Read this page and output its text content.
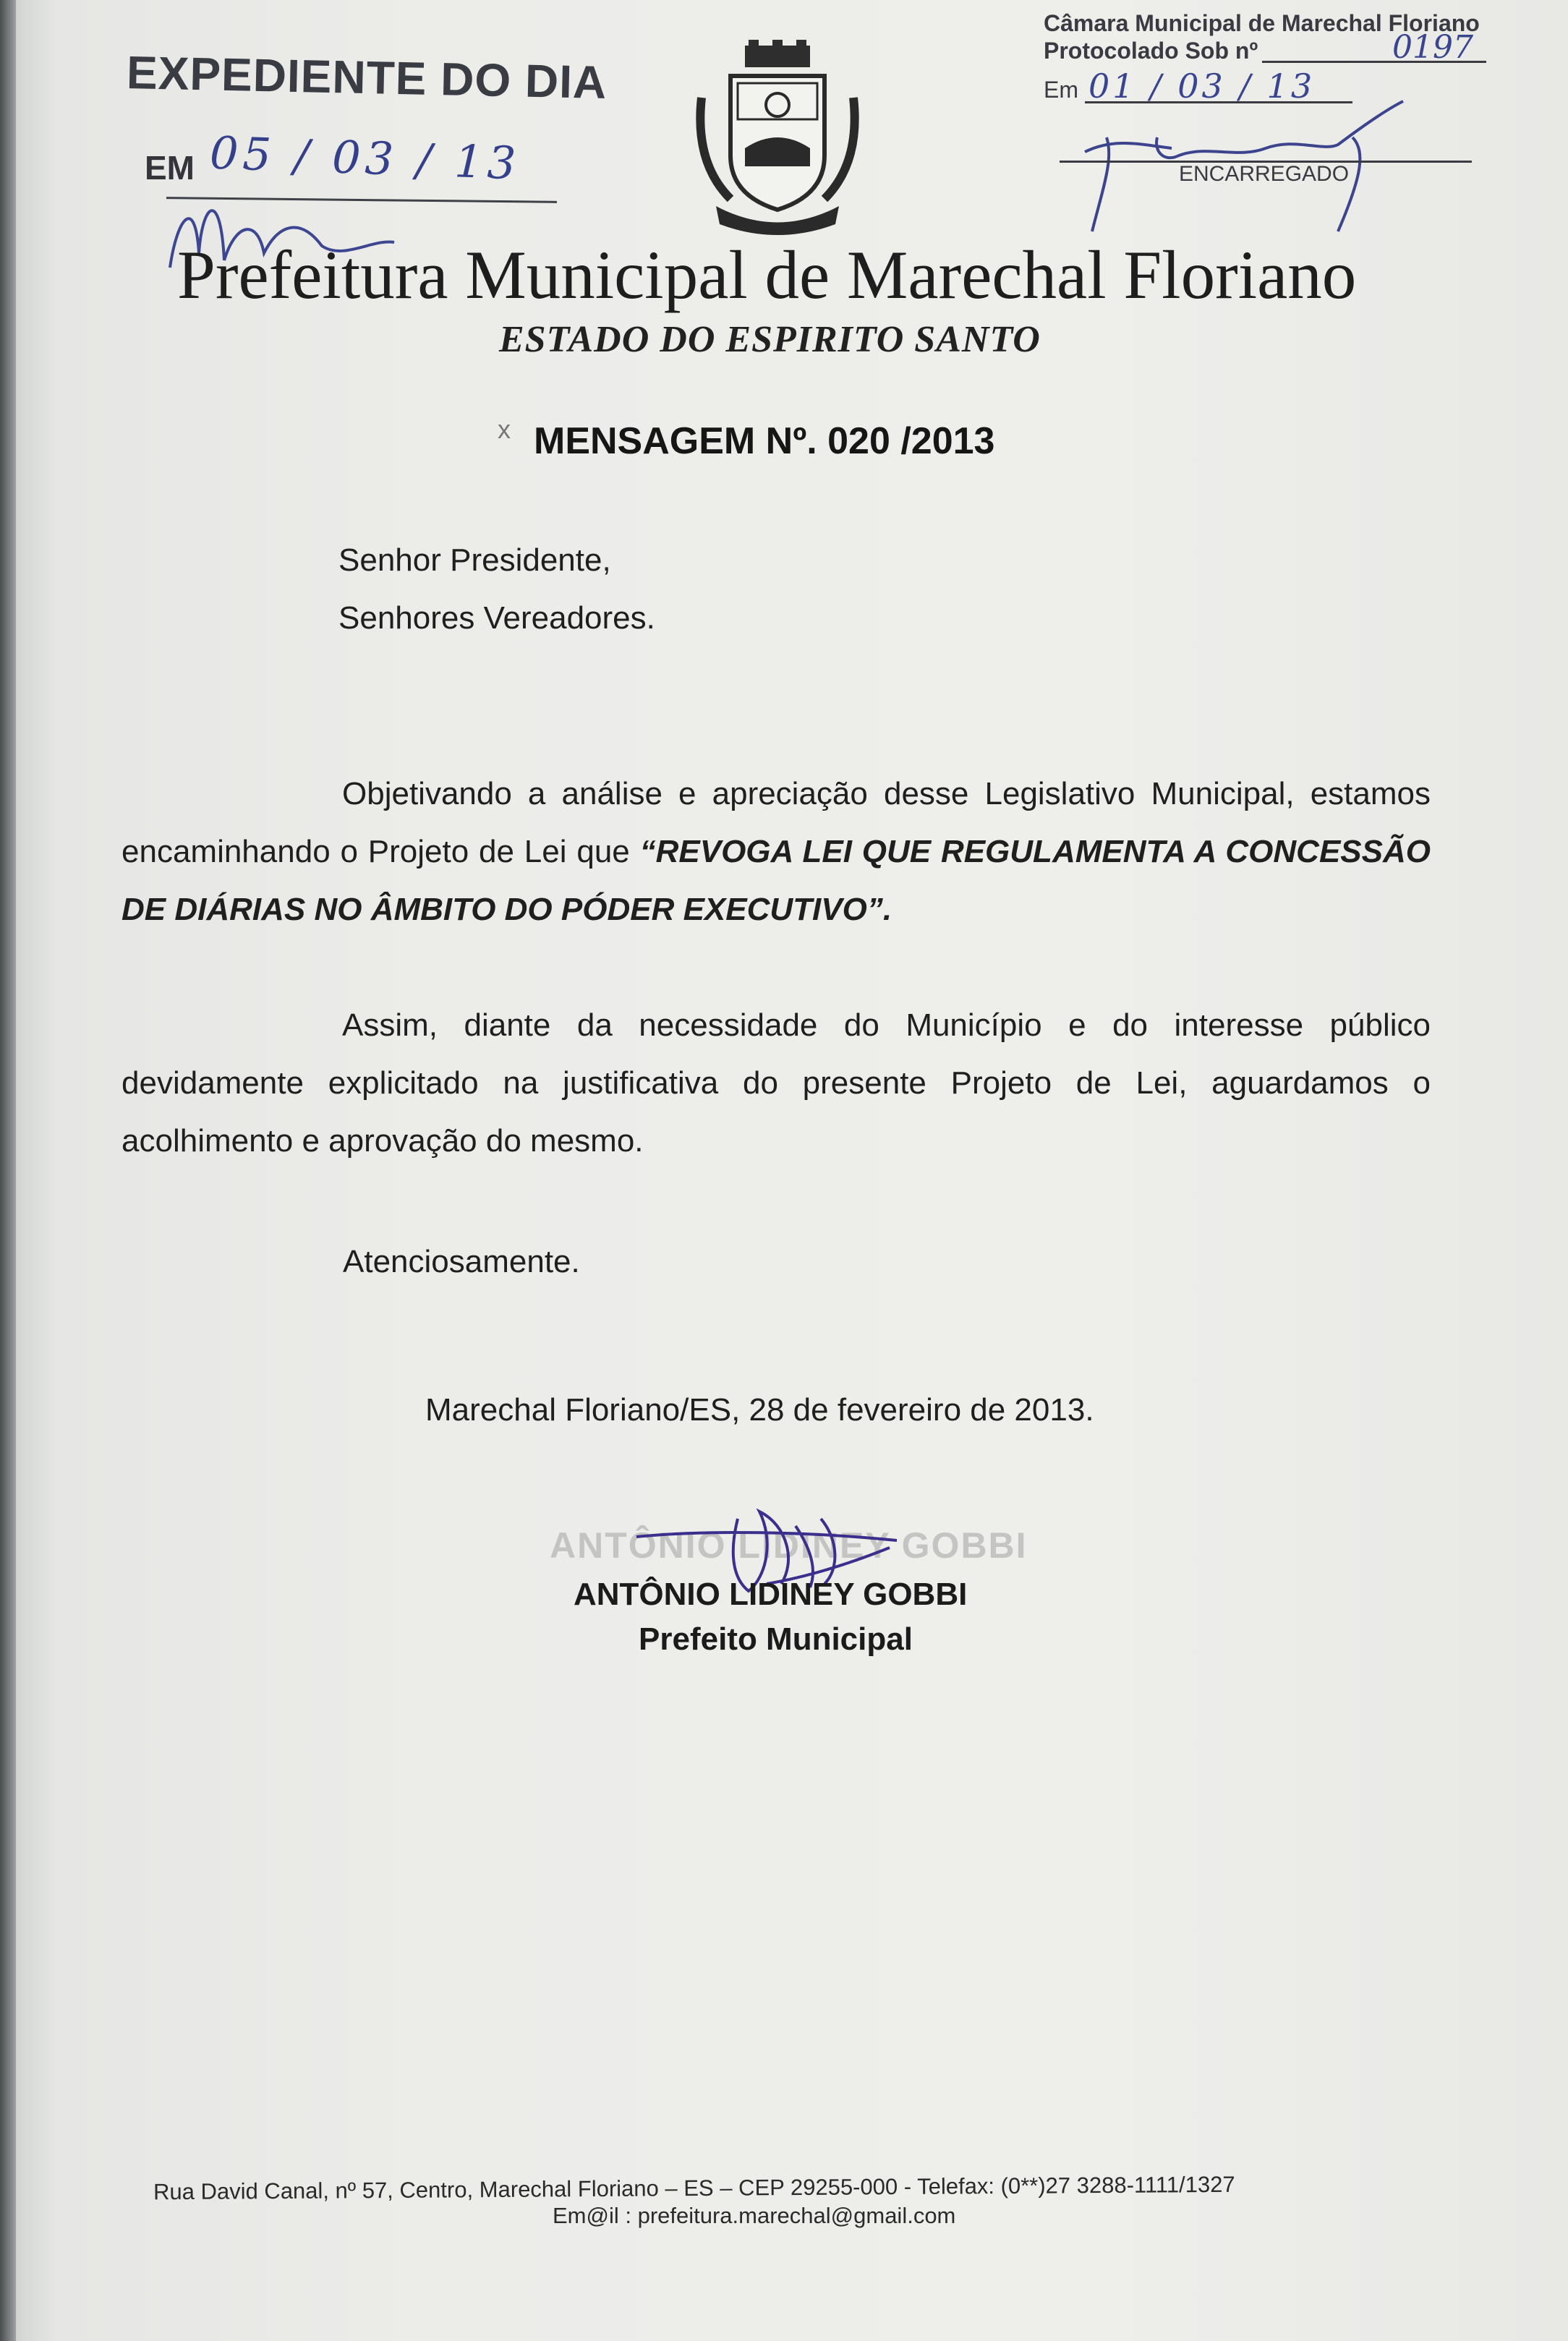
EXPEDIENTE DO DIA
EM 05 / 03 / 13
Câmara Municipal de Marechal Floriano
Protocolado Sob nº	0197
Em 01 / 03 / 13
ENCARREGADO
Prefeitura Municipal de Marechal Floriano
ESTADO DO ESPIRITO SANTO
x MENSAGEM Nº. 020 /2013
Senhor Presidente,
Senhores Vereadores.
Objetivando a análise e apreciação desse Legislativo Municipal, estamos encaminhando o Projeto de Lei que “REVOGA LEI QUE REGULAMENTA A CONCESSÃO DE DIÁRIAS NO ÂMBITO DO PÓDER EXECUTIVO”.
Assim, diante da necessidade do Município e do interesse público devidamente explicitado na justificativa do presente Projeto de Lei, aguardamos o acolhimento e aprovação do mesmo.
Atenciosamente.
Marechal Floriano/ES, 28 de fevereiro de 2013.
ANTÔNIO LIDINEY GOBBI
ANTÔNIO LIDINEY GOBBI
Prefeito Municipal
Rua David Canal, nº 57, Centro, Marechal Floriano – ES – CEP 29255-000 - Telefax: (0**)27 3288-1111/1327
Em@il : prefeitura.marechal@gmail.com
